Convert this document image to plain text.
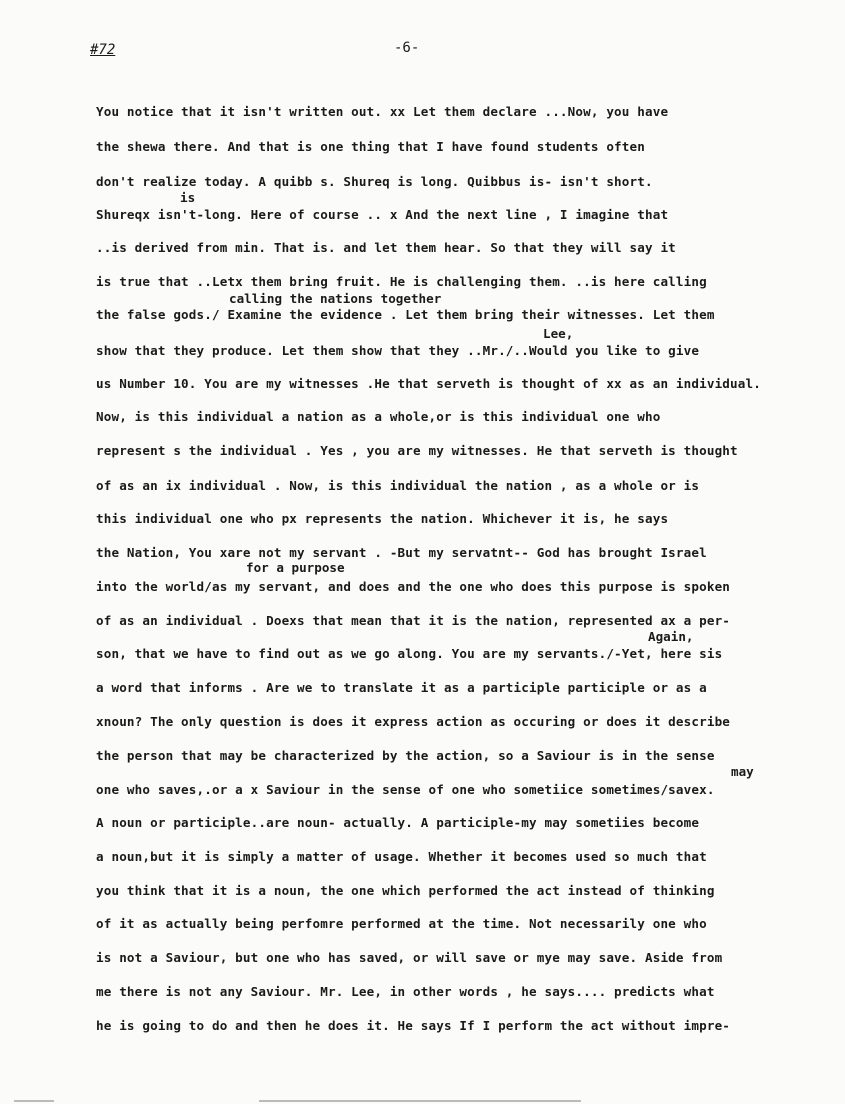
#72	-6-
You notice that it isn't written out. xx Let them declare ...Now, you have
the shewa there. And that is one thing that I have found students often
don't realize today. A quibb s. Shureq is long. Quibbus is- isn't short.
Shureqx isn't-long. Here of course .. x And the next line , I imagine that
..is derived from min. That is. and let them hear. So that they will say it
is true that ..Letx them bring fruit. He is challenging them. ..is here calling
the false gods./ Examine the evidence . Let them bring their witnesses. Let them
show that they produce. Let them show that they ..Mr./..Would you like to give
us Number 10. You are my witnesses .He that serveth is thought of xx as an individual.
Now, is this individual a nation as a whole,or is this individual one who
represent s the individual . Yes , you are my witnesses. He that serveth is thought
of as an ix individual . Now, is this individual the nation , as a whole or is
this individual one who px represents the nation. Whichever it is, he says
the Nation, You xare not my servant . -But my servatnt-- God has brought Israel
into the world/as my servant, and does and the one who does this purpose is spoken
of as an individual . Doexs that mean that it is the nation, represented ax a per-
son, that we have to find out as we go along. You are my servants./-Yet, here sis
a word that informs . Are we to translate it as a participle participle or as a
xnoun? The only question is does it express action as occuring or does it describe
the person that may be characterized by the action, so a Saviour is in the sense
one who saves,.or a x Saviour in the sense of one who sometiice sometimes/savex.
A noun or participle..are noun- actually. A participle-my may sometiies become
a noun,but it is simply a matter of usage. Whether it becomes used so much that
you think that it is a noun, the one which performed the act instead of thinking
of it as actually being perfomre performed at the time. Not necessarily one who
is not a Saviour, but one who has saved, or will save or mye may save. Aside from
me there is not any Saviour. Mr. Lee, in other words , he says.... predicts what
he is going to do and then he does it. He says If I perform the act without impre-
is
calling the nations together
Lee,
for a purpose
Again,
may
